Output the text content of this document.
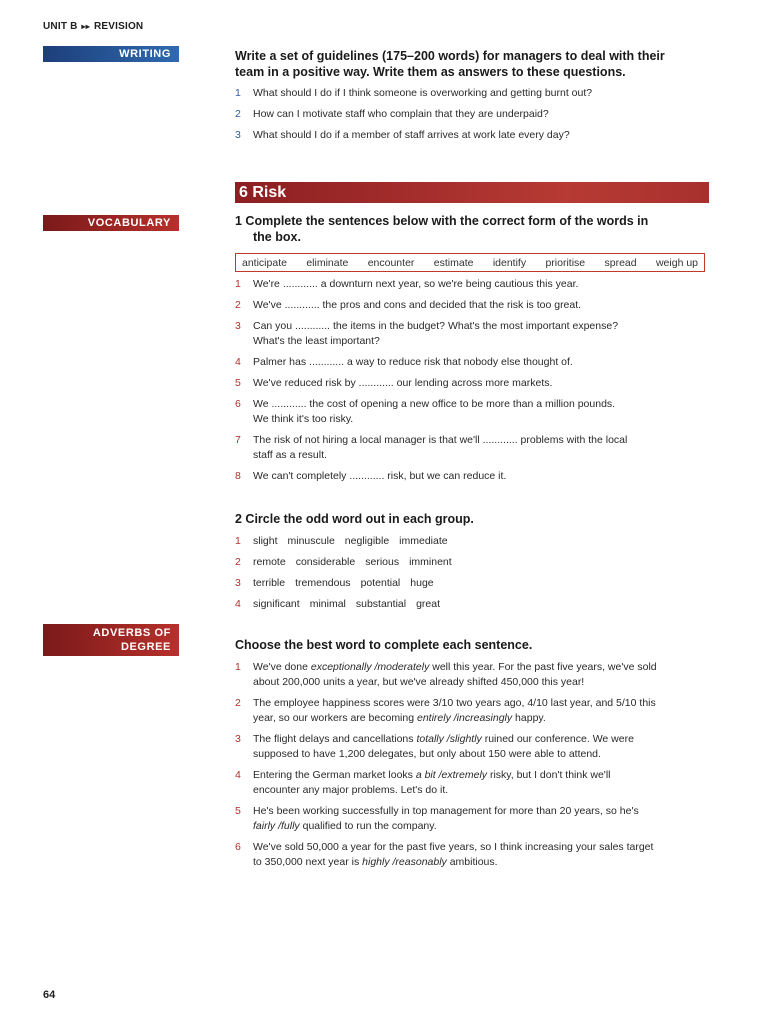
UNIT B ▸▸ REVISION
WRITING
VOCABULARY
ADVERBS OF
DEGREE
Write a set of guidelines (175–200 words) for managers to deal with their
team in a positive way. Write them as answers to these questions.
1 What should I do if I think someone is overworking and getting burnt out?
2 How can I motivate staff who complain that they are underpaid?
3 What should I do if a member of staff arrives at work late every day?
6 Risk
1 Complete the sentences below with the correct form of the words in
the box.
anticipate eliminate encounter estimate identify prioritise spread weigh up
1 We're ............ a downturn next year, so we're being cautious this year.
2 We've ............ the pros and cons and decided that the risk is too great.
3 Can you ............ the items in the budget? What's the most important expense?
What's the least important?
4 Palmer has ............ a way to reduce risk that nobody else thought of.
5 We've reduced risk by ............ our lending across more markets.
6 We ............ the cost of opening a new office to be more than a million pounds.
We think it's too risky.
7 The risk of not hiring a local manager is that we'll ............ problems with the local
staff as a result.
8 We can't completely ............ risk, but we can reduce it.
2 Circle the odd word out in each group.
1 slight minuscule negligible immediate
2 remote considerable serious imminent
3 terrible tremendous potential huge
4 significant minimal substantial great
Choose the best word to complete each sentence.
1 We've done exceptionally /moderately well this year. For the past five years, we've sold
about 200,000 units a year, but we've already shifted 450,000 this year!
2 The employee happiness scores were 3/10 two years ago, 4/10 last year, and 5/10 this
year, so our workers are becoming entirely /increasingly happy.
3 The flight delays and cancellations totally /slightly ruined our conference. We were
supposed to have 1,200 delegates, but only about 150 were able to attend.
4 Entering the German market looks a bit /extremely risky, but I don't think we'll
encounter any major problems. Let's do it.
5 He's been working successfully in top management for more than 20 years, so he's
fairly /fully qualified to run the company.
6 We've sold 50,000 a year for the past five years, so I think increasing your sales target
to 350,000 next year is highly /reasonably ambitious.
64
